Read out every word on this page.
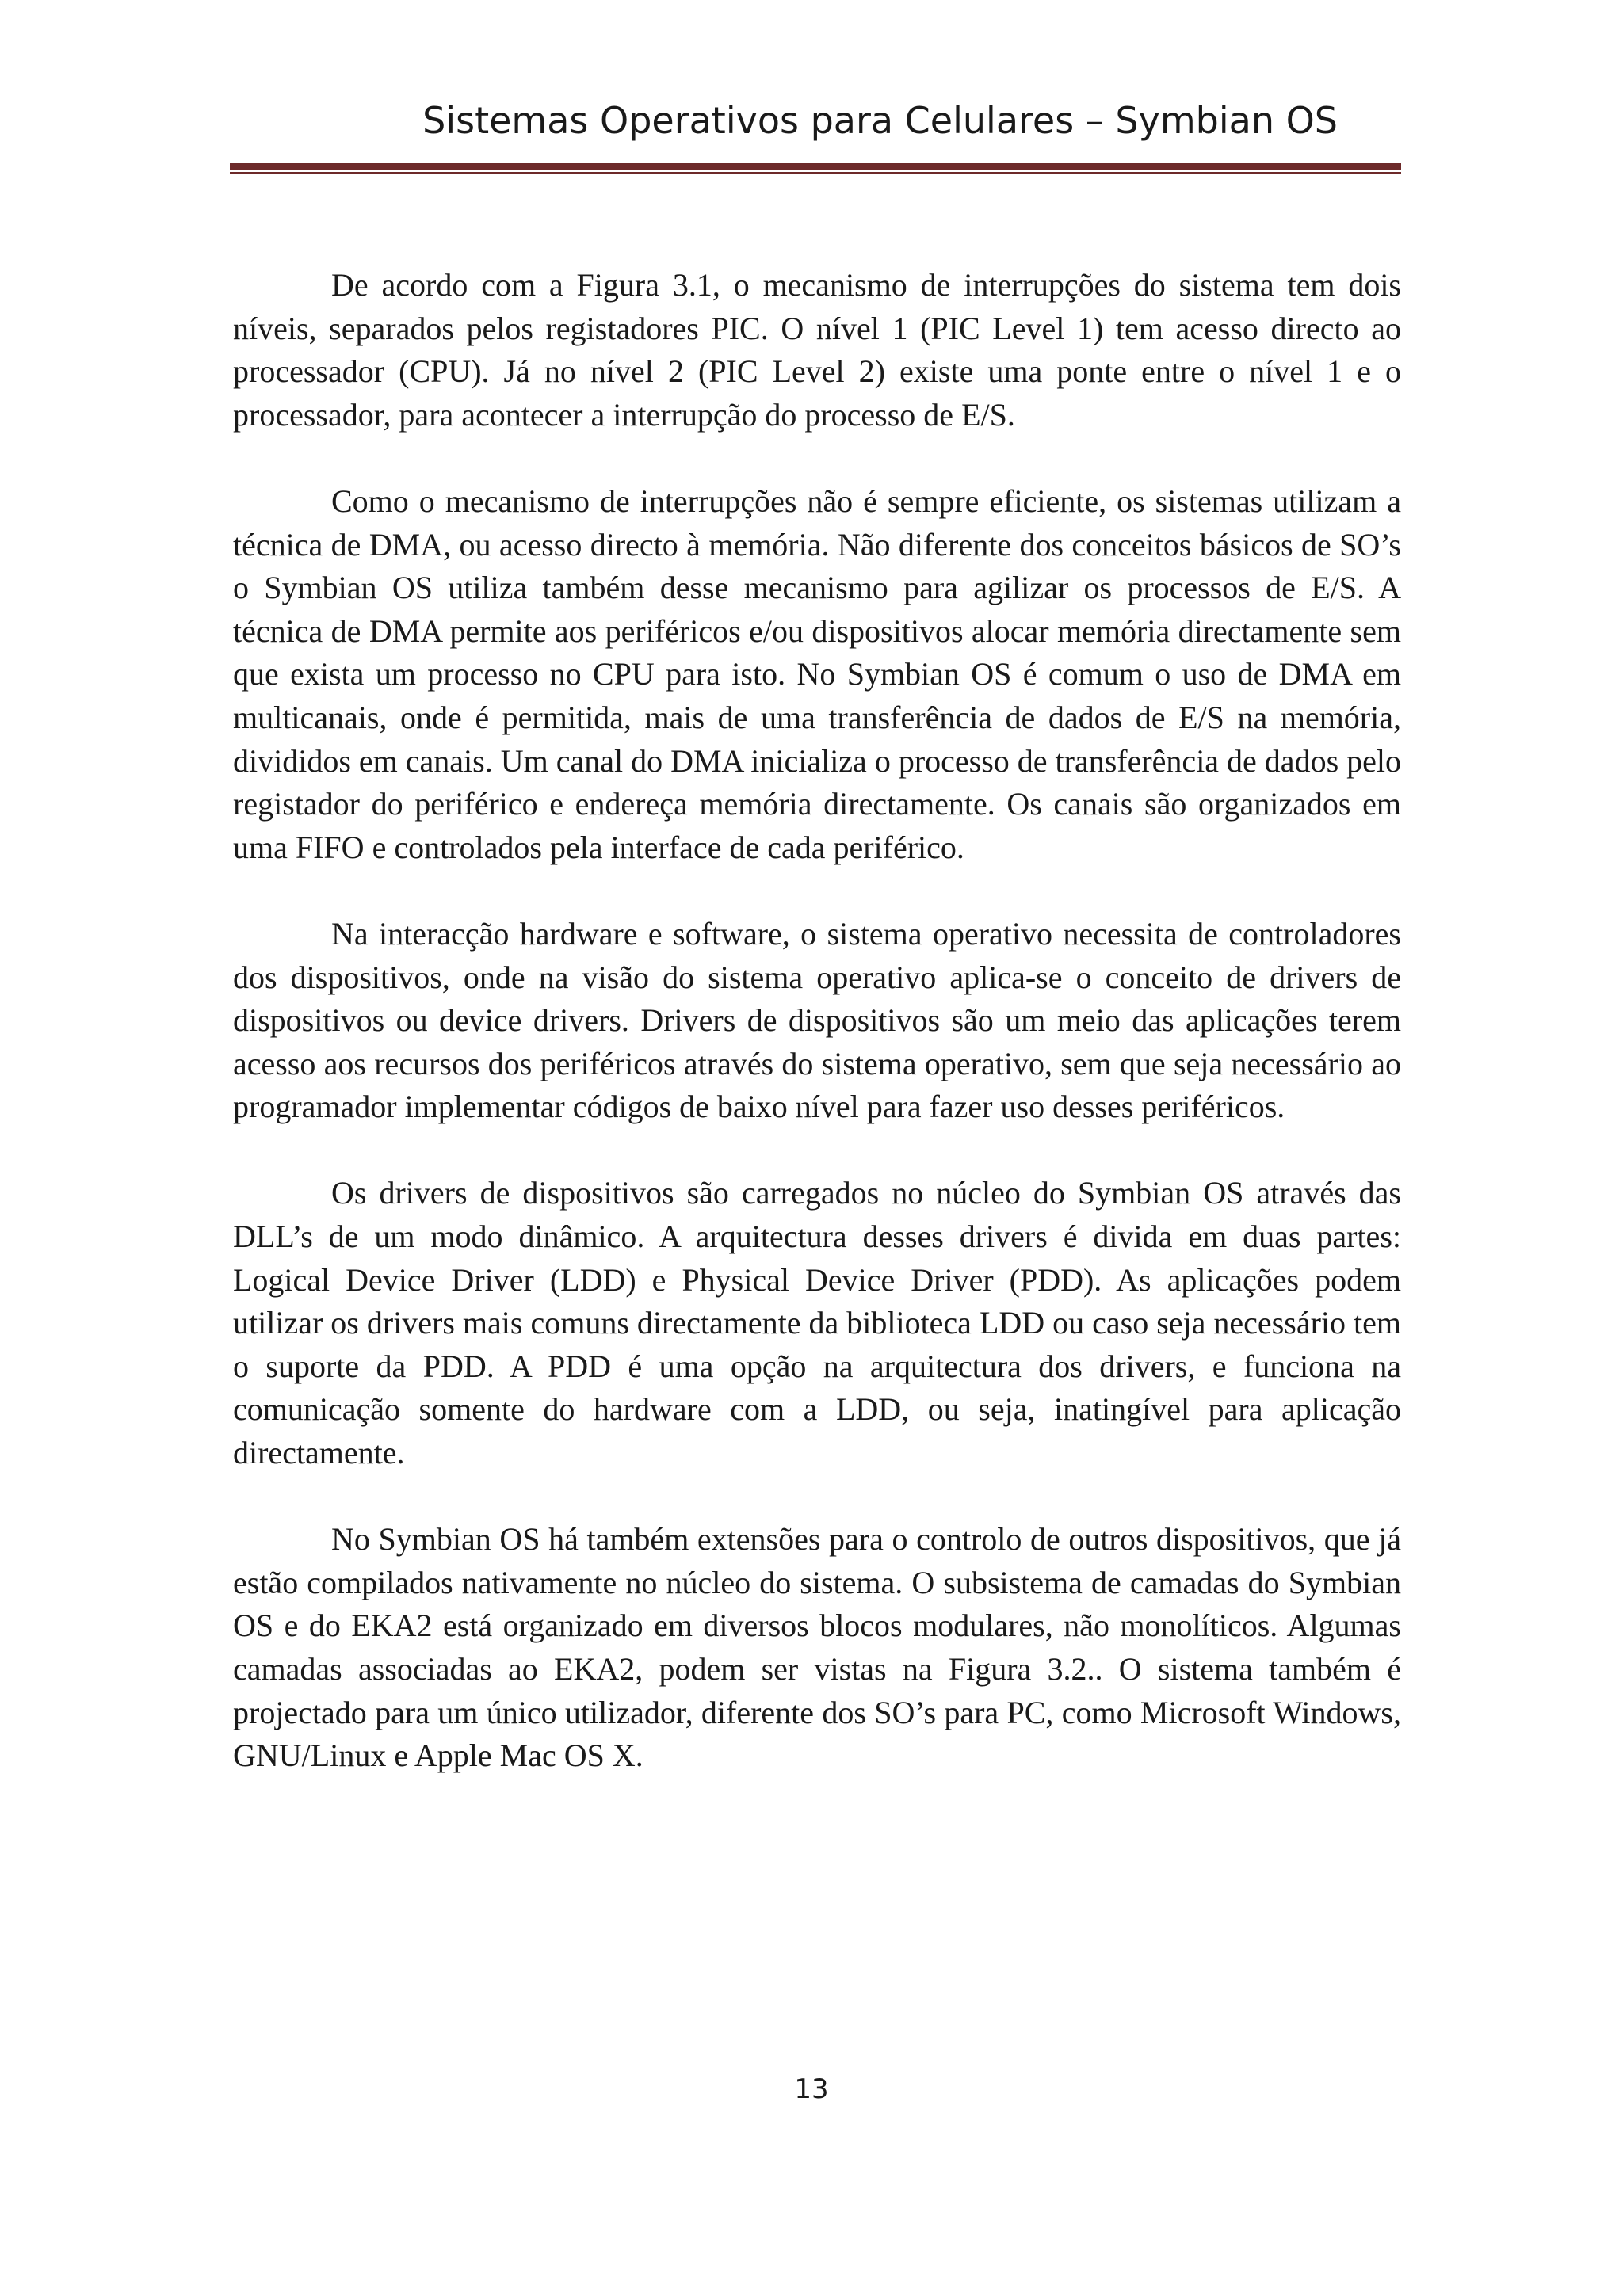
Sistemas Operativos para Celulares – Symbian OS

De acordo com a Figura 3.1, o mecanismo de interrupções do sistema tem dois níveis, separados pelos registadores PIC. O nível 1 (PIC Level 1) tem acesso directo ao processador (CPU). Já no nível 2 (PIC Level 2) existe uma ponte entre o nível 1 e o processador, para acontecer a interrupção do processo de E/S.

Como o mecanismo de interrupções não é sempre eficiente, os sistemas utilizam a técnica de DMA, ou acesso directo à memória. Não diferente dos conceitos básicos de SO’s o Symbian OS utiliza também desse mecanismo para agilizar os processos de E/S. A técnica de DMA permite aos periféricos e/ou dispositivos alocar memória directamente sem que exista um processo no CPU para isto. No Symbian OS é comum o uso de DMA em multicanais, onde é permitida, mais de uma transferência de dados de E/S na memória, divididos em canais. Um canal do DMA inicializa o processo de transferência de dados pelo registador do periférico e endereça memória directamente. Os canais são organizados em uma FIFO e controlados pela interface de cada periférico.

Na interacção hardware e software, o sistema operativo necessita de controladores dos dispositivos, onde na visão do sistema operativo aplica-se o conceito de drivers de dispositivos ou device drivers. Drivers de dispositivos são um meio das aplicações terem acesso aos recursos dos periféricos através do sistema operativo, sem que seja necessário ao programador implementar códigos de baixo nível para fazer uso desses periféricos.

Os drivers de dispositivos são carregados no núcleo do Symbian OS através das DLL’s de um modo dinâmico. A arquitectura desses drivers é divida em duas partes: Logical Device Driver (LDD) e Physical Device Driver (PDD). As aplicações podem utilizar os drivers mais comuns directamente da biblioteca LDD ou caso seja necessário tem o suporte da PDD. A PDD é uma opção na arquitectura dos drivers, e funciona na comunicação somente do hardware com a LDD, ou seja, inatingível para aplicação directamente.

No Symbian OS há também extensões para o controlo de outros dispositivos, que já estão compilados nativamente no núcleo do sistema. O subsistema de camadas do Symbian OS e do EKA2 está organizado em diversos blocos modulares, não monolíticos. Algumas camadas associadas ao EKA2, podem ser vistas na Figura 3.2.. O sistema também é projectado para um único utilizador, diferente dos SO’s para PC, como Microsoft Windows, GNU/Linux e Apple Mac OS X.

13
